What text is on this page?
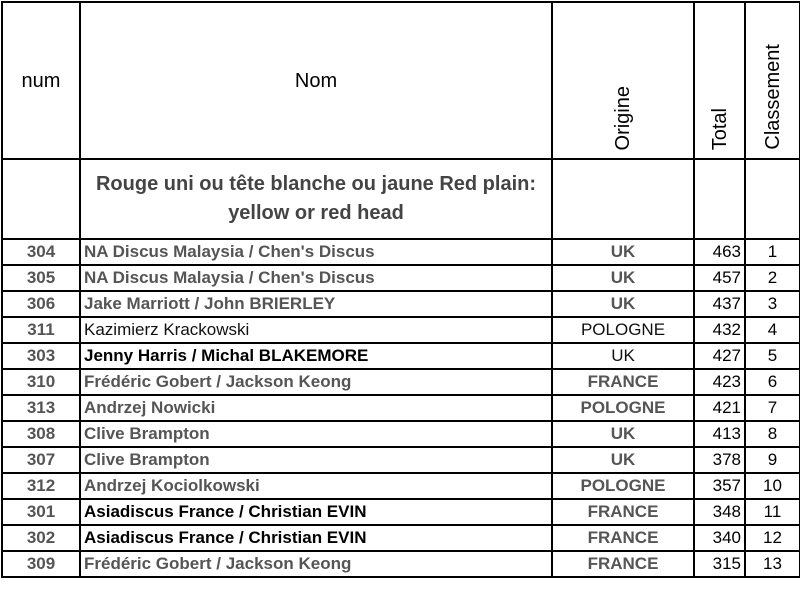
num	Nom	Origine	Total	Classement
	Rouge uni ou tête blanche ou jaune Red plain: yellow or red head			
304	NA Discus Malaysia / Chen's Discus	UK	463	1
305	NA Discus Malaysia / Chen's Discus	UK	457	2
306	Jake Marriott / John BRIERLEY	UK	437	3
311	Kazimierz Krackowski	POLOGNE	432	4
303	Jenny Harris / Michal BLAKEMORE	UK	427	5
310	Frédéric Gobert / Jackson Keong	FRANCE	423	6
313	Andrzej Nowicki	POLOGNE	421	7
308	Clive Brampton	UK	413	8
307	Clive Brampton	UK	378	9
312	Andrzej Kociolkowski	POLOGNE	357	10
301	Asiadiscus France / Christian EVIN	FRANCE	348	11
302	Asiadiscus France / Christian EVIN	FRANCE	340	12
309	Frédéric Gobert / Jackson Keong	FRANCE	315	13
